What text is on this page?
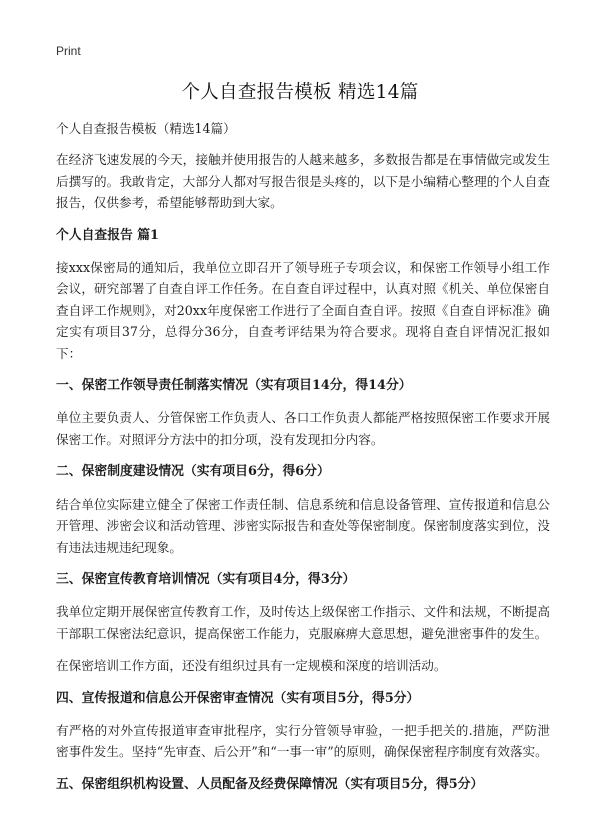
Print
个人自查报告模板 精选14篇

个人自查报告模板（精选14篇）

在经济飞速发展的今天，接触并使用报告的人越来越多，多数报告都是在事情做完或发生后撰写的。我敢肯定，大部分人都对写报告很是头疼的，以下是小编精心整理的个人自查报告，仅供参考，希望能够帮助到大家。

个人自查报告 篇1

接xxx保密局的通知后，我单位立即召开了领导班子专项会议，和保密工作领导小组工作会议，研究部署了自查自评工作任务。在自查自评过程中，认真对照《机关、单位保密自查自评工作规则》，对20xx年度保密工作进行了全面自查自评。按照《自查自评标准》确定实有项目37分，总得分36分，自查考评结果为符合要求。现将自查自评情况汇报如下：

一、保密工作领导责任制落实情况（实有项目14分，得14分）

单位主要负责人、分管保密工作负责人、各口工作负责人都能严格按照保密工作要求开展保密工作。对照评分方法中的扣分项，没有发现扣分内容。

二、保密制度建设情况（实有项目6分，得6分）

结合单位实际建立健全了保密工作责任制、信息系统和信息设备管理、宣传报道和信息公开管理、涉密会议和活动管理、涉密实际报告和查处等保密制度。保密制度落实到位，没有违法违规违纪现象。

三、保密宣传教育培训情况（实有项目4分，得3分）

我单位定期开展保密宣传教育工作，及时传达上级保密工作指示、文件和法规，不断提高干部职工保密法纪意识，提高保密工作能力，克服麻痹大意思想，避免泄密事件的发生。

在保密培训工作方面，还没有组织过具有一定规模和深度的培训活动。

四、宣传报道和信息公开保密审查情况（实有项目5分，得5分）

有严格的对外宣传报道审查审批程序，实行分管领导审验，一把手把关的.措施，严防泄密事件发生。坚持“先审查、后公开”和“一事一审”的原则，确保保密程序制度有效落实。

五、保密组织机构设置、人员配备及经费保障情况（实有项目5分，得5分）
